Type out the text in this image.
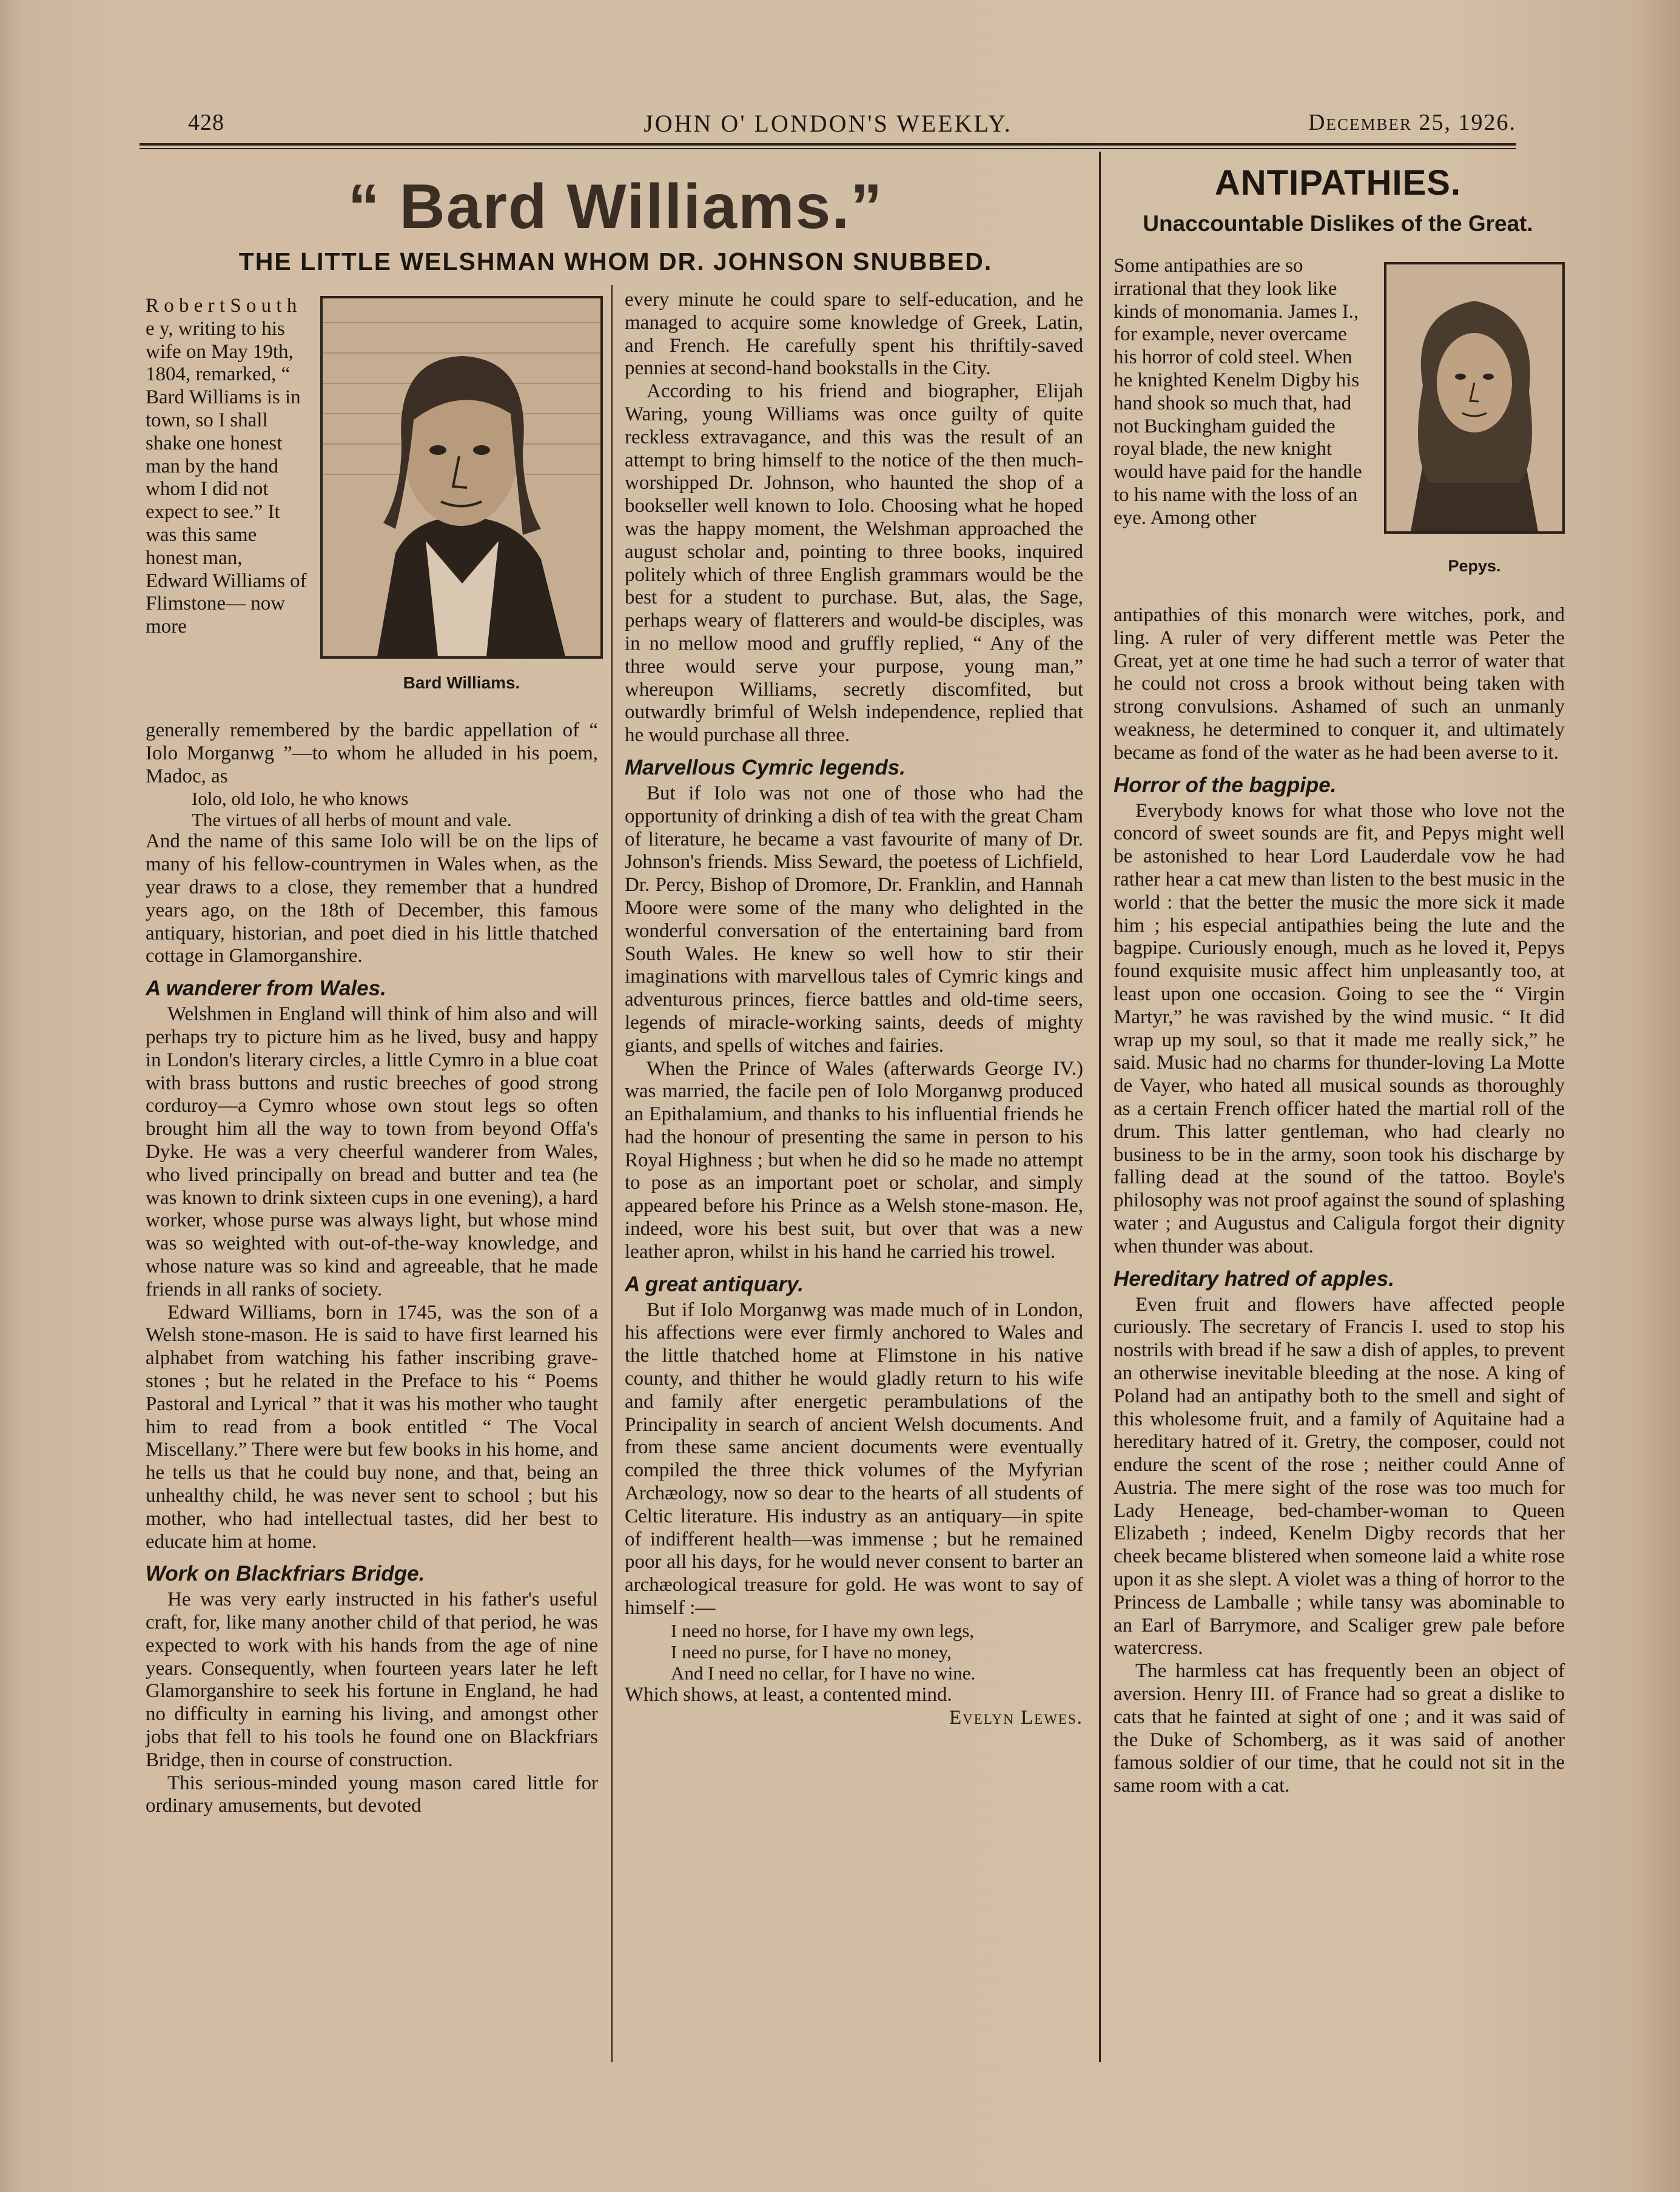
428	JOHN O' LONDON'S WEEKLY.	December 25, 1926.
“ Bard Williams.”
THE LITTLE WELSHMAN WHOM DR. JOHNSON SNUBBED.
Bard Williams.
R o b e r t S o u t h e y, writing to his wife on May 19th, 1804, remarked, “ Bard Williams is in town, so I shall shake one honest man by the hand whom I did not expect to see.” It was this same honest man, Edward Williams of Flimstone— now more

generally remembered by the bardic appellation of “ Iolo Morganwg ”—to whom he alluded in his poem, Madoc, as

Iolo, old Iolo, he who knows

The virtues of all herbs of mount and vale.

And the name of this same Iolo will be on the lips of many of his fellow-countrymen in Wales when, as the year draws to a close, they remember that a hundred years ago, on the 18th of December, this famous antiquary, historian, and poet died in his little thatched cottage in Glamorganshire.

A wanderer from Wales.

Welshmen in England will think of him also and will perhaps try to picture him as he lived, busy and happy in London's literary circles, a little Cymro in a blue coat with brass buttons and rustic breeches of good strong corduroy—a Cymro whose own stout legs so often brought him all the way to town from beyond Offa's Dyke. He was a very cheerful wanderer from Wales, who lived principally on bread and butter and tea (he was known to drink sixteen cups in one evening), a hard worker, whose purse was always light, but whose mind was so weighted with out-of-the-way knowledge, and whose nature was so kind and agreeable, that he made friends in all ranks of society.

Edward Williams, born in 1745, was the son of a Welsh stone-mason. He is said to have first learned his alphabet from watching his father inscribing grave-stones ; but he related in the Preface to his “ Poems Pastoral and Lyrical ” that it was his mother who taught him to read from a book entitled “ The Vocal Miscellany.” There were but few books in his home, and he tells us that he could buy none, and that, being an unhealthy child, he was never sent to school ; but his mother, who had intellectual tastes, did her best to educate him at home.

Work on Blackfriars Bridge.

He was very early instructed in his father's useful craft, for, like many another child of that period, he was expected to work with his hands from the age of nine years. Consequently, when fourteen years later he left Glamorganshire to seek his fortune in England, he had no difficulty in earning his living, and amongst other jobs that fell to his tools he found one on Blackfriars Bridge, then in course of construction.

This serious-minded young mason cared little for ordinary amusements, but devoted

every minute he could spare to self-education, and he managed to acquire some knowledge of Greek, Latin, and French. He carefully spent his thriftily-saved pennies at second-hand bookstalls in the City.

According to his friend and biographer, Elijah Waring, young Williams was once guilty of quite reckless extravagance, and this was the result of an attempt to bring himself to the notice of the then much-worshipped Dr. Johnson, who haunted the shop of a bookseller well known to Iolo. Choosing what he hoped was the happy moment, the Welshman approached the august scholar and, pointing to three books, inquired politely which of three English grammars would be the best for a student to purchase. But, alas, the Sage, perhaps weary of flatterers and would-be disciples, was in no mellow mood and gruffly replied, “ Any of the three would serve your purpose, young man,” whereupon Williams, secretly discomfited, but outwardly brimful of Welsh independence, replied that he would purchase all three.

Marvellous Cymric legends.

But if Iolo was not one of those who had the opportunity of drinking a dish of tea with the great Cham of literature, he became a vast favourite of many of Dr. Johnson's friends. Miss Seward, the poetess of Lichfield, Dr. Percy, Bishop of Dromore, Dr. Franklin, and Hannah Moore were some of the many who delighted in the wonderful conversation of the entertaining bard from South Wales. He knew so well how to stir their imaginations with marvellous tales of Cymric kings and adventurous princes, fierce battles and old-time seers, legends of miracle-working saints, deeds of mighty giants, and spells of witches and fairies.

When the Prince of Wales (afterwards George IV.) was married, the facile pen of Iolo Morganwg produced an Epithalamium, and thanks to his influential friends he had the honour of presenting the same in person to his Royal Highness ; but when he did so he made no attempt to pose as an important poet or scholar, and simply appeared before his Prince as a Welsh stone-mason. He, indeed, wore his best suit, but over that was a new leather apron, whilst in his hand he carried his trowel.

A great antiquary.

But if Iolo Morganwg was made much of in London, his affections were ever firmly anchored to Wales and the little thatched home at Flimstone in his native county, and thither he would gladly return to his wife and family after energetic perambulations of the Principality in search of ancient Welsh documents. And from these same ancient documents were eventually compiled the three thick volumes of the Myfyrian Archæology, now so dear to the hearts of all students of Celtic literature. His industry as an antiquary—in spite of indifferent health—was immense ; but he remained poor all his days, for he would never consent to barter an archæological treasure for gold. He was wont to say of himself :—

I need no horse, for I have my own legs,

I need no purse, for I have no money,

And I need no cellar, for I have no wine.

Which shows, at least, a contented mind.

Evelyn Lewes.

ANTIPATHIES.
Unaccountable Dislikes of the Great.
Pepys.
Some antipathies are so irrational that they look like kinds of monomania. James I., for example, never overcame his horror of cold steel. When he knighted Kenelm Digby his hand shook so much that, had not Buckingham guided the royal blade, the new knight would have paid for the handle to his name with the loss of an eye. Among other

antipathies of this monarch were witches, pork, and ling. A ruler of very different mettle was Peter the Great, yet at one time he had such a terror of water that he could not cross a brook without being taken with strong convulsions. Ashamed of such an unmanly weakness, he determined to conquer it, and ultimately became as fond of the water as he had been averse to it.

Horror of the bagpipe.

Everybody knows for what those who love not the concord of sweet sounds are fit, and Pepys might well be astonished to hear Lord Lauderdale vow he had rather hear a cat mew than listen to the best music in the world : that the better the music the more sick it made him ; his especial antipathies being the lute and the bagpipe. Curiously enough, much as he loved it, Pepys found exquisite music affect him unpleasantly too, at least upon one occasion. Going to see the “ Virgin Martyr,” he was ravished by the wind music. “ It did wrap up my soul, so that it made me really sick,” he said. Music had no charms for thunder-loving La Motte de Vayer, who hated all musical sounds as thoroughly as a certain French officer hated the martial roll of the drum. This latter gentleman, who had clearly no business to be in the army, soon took his discharge by falling dead at the sound of the tattoo. Boyle's philosophy was not proof against the sound of splashing water ; and Augustus and Caligula forgot their dignity when thunder was about.

Hereditary hatred of apples.

Even fruit and flowers have affected people curiously. The secretary of Francis I. used to stop his nostrils with bread if he saw a dish of apples, to prevent an otherwise inevitable bleeding at the nose. A king of Poland had an antipathy both to the smell and sight of this wholesome fruit, and a family of Aquitaine had a hereditary hatred of it. Gretry, the composer, could not endure the scent of the rose ; neither could Anne of Austria. The mere sight of the rose was too much for Lady Heneage, bed-chamber-woman to Queen Elizabeth ; indeed, Kenelm Digby records that her cheek became blistered when someone laid a white rose upon it as she slept. A violet was a thing of horror to the Princess de Lamballe ; while tansy was abominable to an Earl of Barrymore, and Scaliger grew pale before watercress.

The harmless cat has frequently been an object of aversion. Henry III. of France had so great a dislike to cats that he fainted at sight of one ; and it was said of the Duke of Schomberg, as it was said of another famous soldier of our time, that he could not sit in the same room with a cat.
